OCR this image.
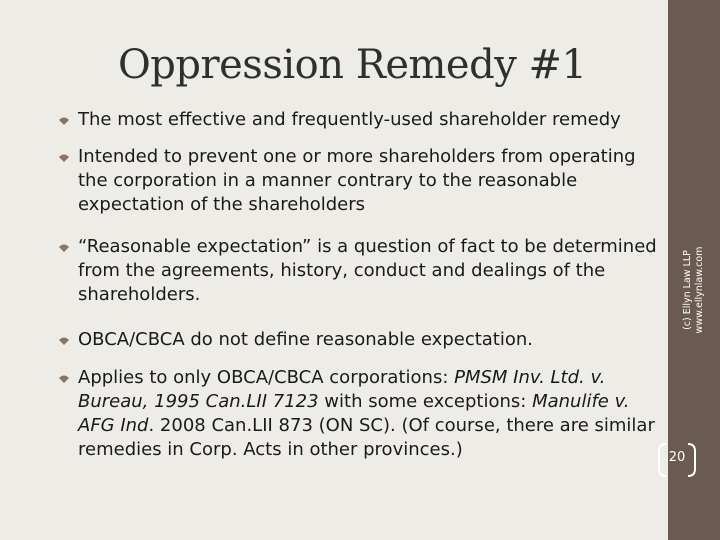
Oppression Remedy #1
The most effective and frequently-used shareholder remedy
Intended to prevent one or more shareholders from operating the corporation in a manner contrary to the reasonable expectation of the shareholders
“Reasonable expectation” is a question of fact to be determined from the agreements, history, conduct and dealings of the shareholders.
OBCA/CBCA do not define reasonable expectation.
Applies to only OBCA/CBCA corporations: PMSM Inv. Ltd. v. Bureau, 1995 Can.LII 7123 with some exceptions: Manulife v. AFG Ind. 2008 Can.LII 873 (ON SC). (Of course, there are similar remedies in Corp. Acts in other provinces.)
(c) Ellyn Law LLP www.ellynlaw.com
20
